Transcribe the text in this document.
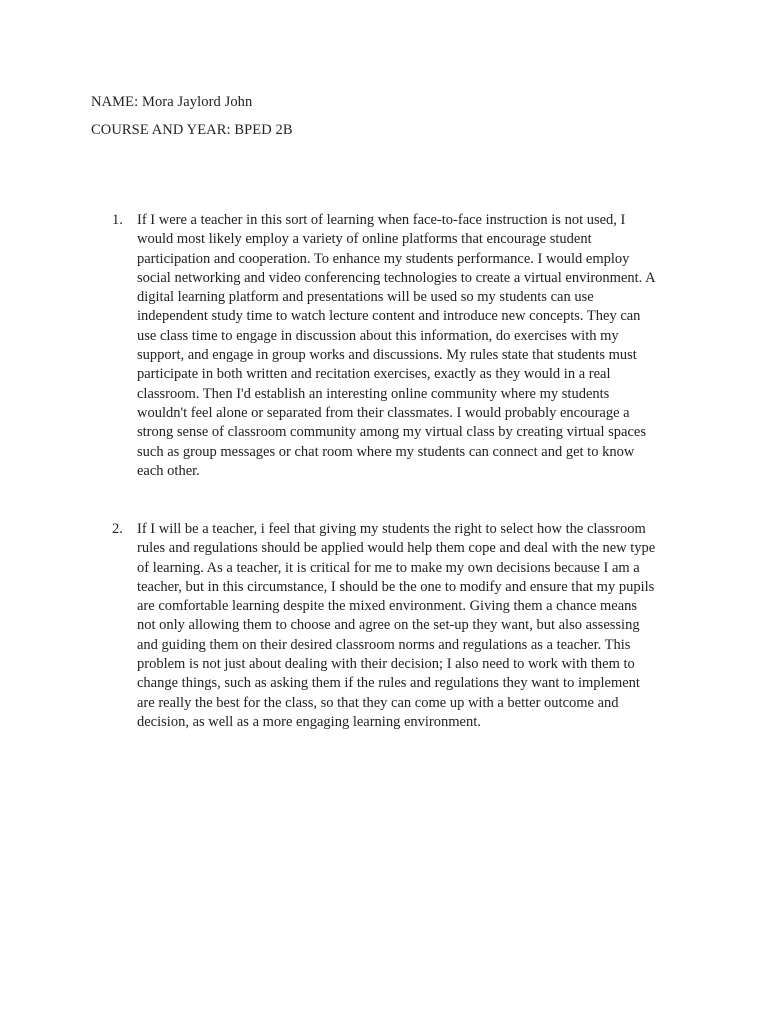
NAME: Mora Jaylord John
COURSE AND YEAR: BPED 2B
1. If I were a teacher in this sort of learning when face-to-face instruction is not used, I
would most likely employ a variety of online platforms that encourage student
participation and cooperation. To enhance my students performance. I would employ
social networking and video conferencing technologies to create a virtual environment. A
digital learning platform and presentations will be used so my students can use
independent study time to watch lecture content and introduce new concepts. They can
use class time to engage in discussion about this information, do exercises with my
support, and engage in group works and discussions. My rules state that students must
participate in both written and recitation exercises, exactly as they would in a real
classroom. Then I'd establish an interesting online community where my students
wouldn't feel alone or separated from their classmates. I would probably encourage a
strong sense of classroom community among my virtual class by creating virtual spaces
such as group messages or chat room where my students can connect and get to know
each other.
2. If I will be a teacher, i feel that giving my students the right to select how the classroom
rules and regulations should be applied would help them cope and deal with the new type
of learning. As a teacher, it is critical for me to make my own decisions because I am a
teacher, but in this circumstance, I should be the one to modify and ensure that my pupils
are comfortable learning despite the mixed environment. Giving them a chance means
not only allowing them to choose and agree on the set-up they want, but also assessing
and guiding them on their desired classroom norms and regulations as a teacher. This
problem is not just about dealing with their decision; I also need to work with them to
change things, such as asking them if the rules and regulations they want to implement
are really the best for the class, so that they can come up with a better outcome and
decision, as well as a more engaging learning environment.
